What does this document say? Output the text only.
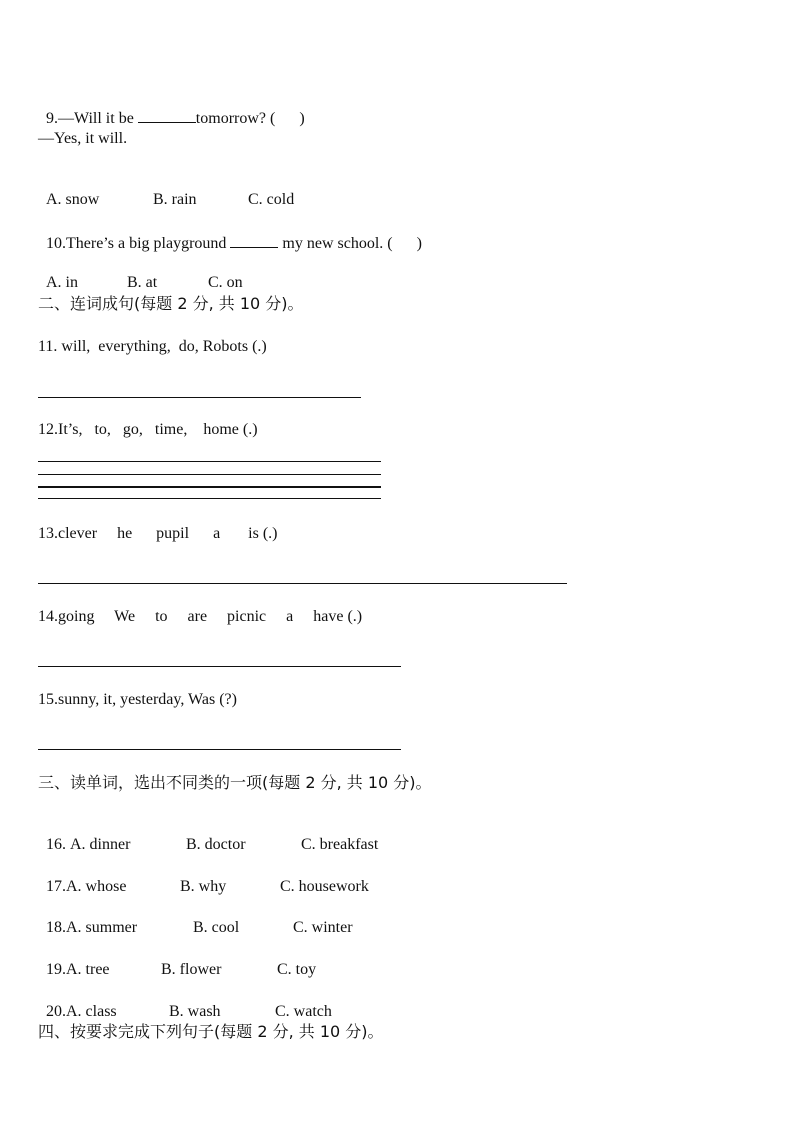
9.—Will it be	tomorrow? (      )

—Yes, it will.

A. snow	B. rain	C. cold

10.There’s a big playground	my new school. (      )

A. in	B. at	C. on

二、连词成句(每题 2 分, 共 10 分)。
11. will,  everything,  do, Robots (.)
12.It’s,   to,   go,   time,    home (.)
13.clever     he      pupil      a       is (.)
14.going     We     to     are     picnic     a     have (.)
15.sunny, it, yesterday, Was (?)
三、读单词，选出不同类的一项(每题 2 分, 共 10 分)。

16. A. dinner	B. doctor	C. breakfast

17.A. whose	B. why	C. housework

18.A. summer	B. cool	C. winter

19.A. tree	B. flower	C. toy

20.A. class	B. wash	C. watch

四、按要求完成下列句子(每题 2 分, 共 10 分)。
